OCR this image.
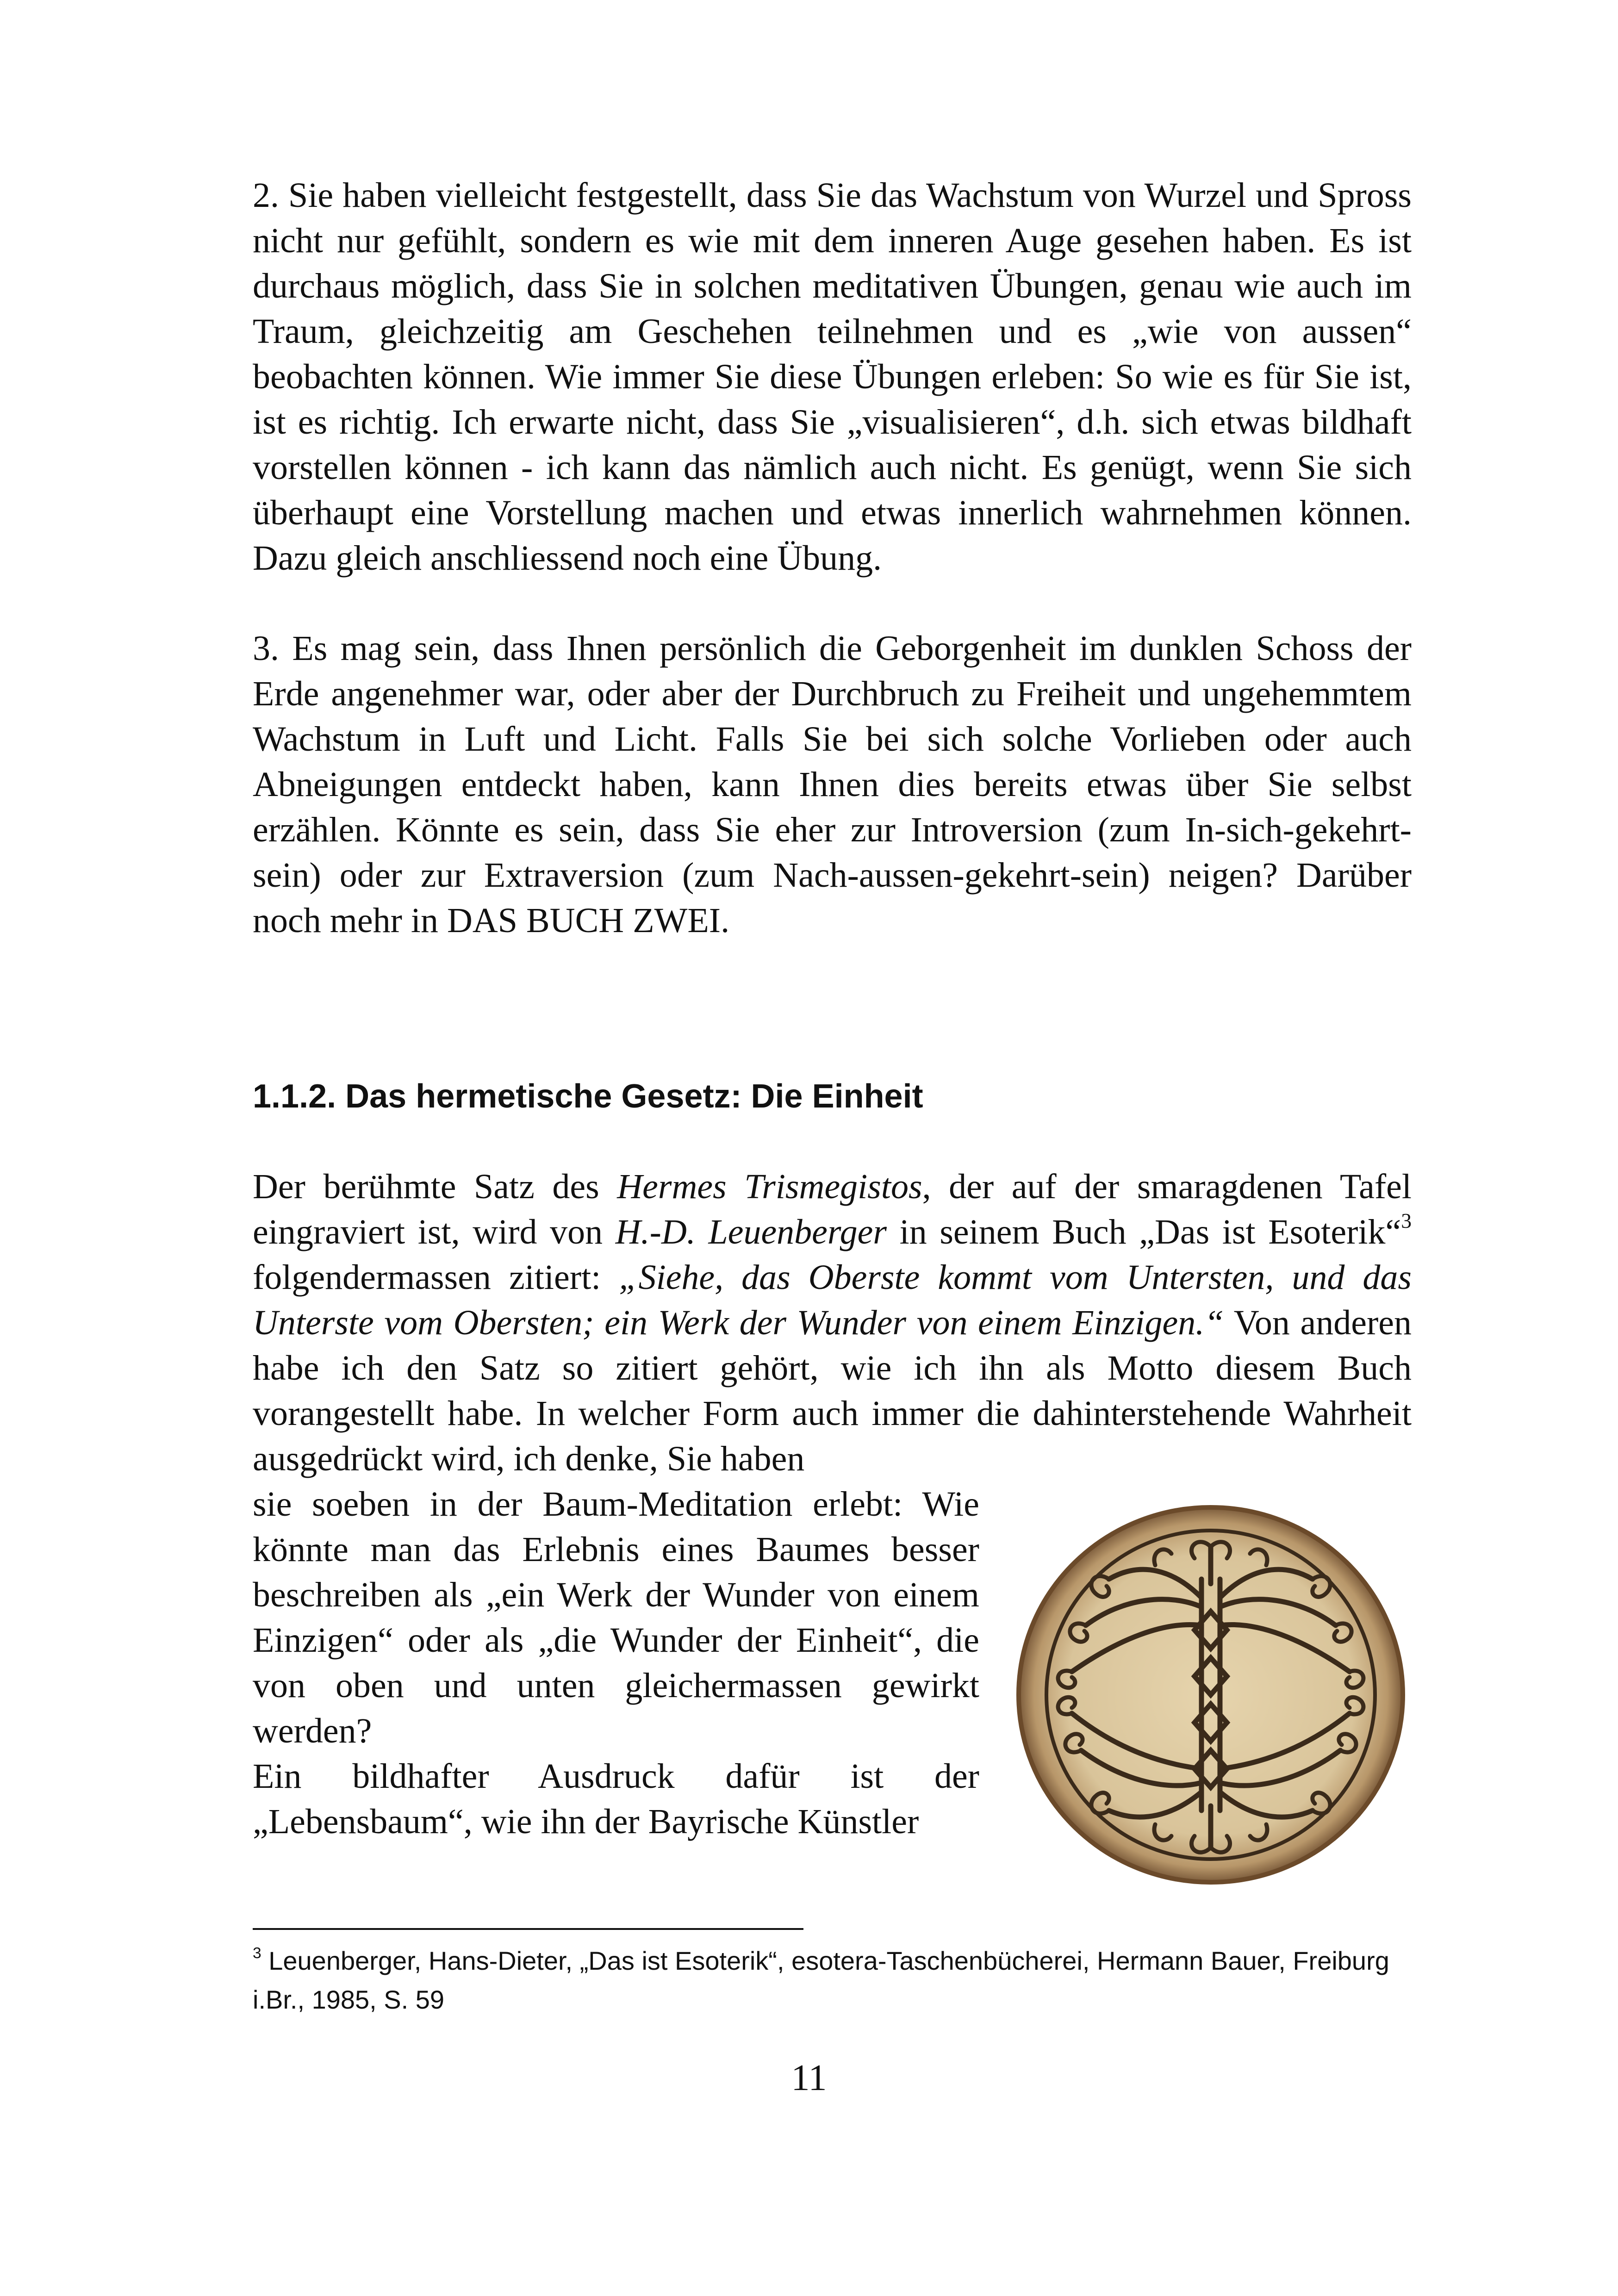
2. Sie haben vielleicht festgestellt, dass Sie das Wachstum von Wurzel und Spross nicht nur gefühlt, sondern es wie mit dem inneren Auge gesehen haben. Es ist durchaus möglich, dass Sie in solchen meditativen Übungen, genau wie auch im Traum, gleichzeitig am Geschehen teilnehmen und es „wie von aussen“ beobachten können. Wie immer Sie diese Übungen erleben: So wie es für Sie ist, ist es richtig. Ich erwarte nicht, dass Sie „visualisieren“, d.h. sich etwas bildhaft vorstellen können - ich kann das nämlich auch nicht. Es genügt, wenn Sie sich überhaupt eine Vorstellung machen und etwas innerlich wahrnehmen können. Dazu gleich anschliessend noch eine Übung.

3. Es mag sein, dass Ihnen persönlich die Geborgenheit im dunklen Schoss der Erde angenehmer war, oder aber der Durchbruch zu Freiheit und ungehemmtem Wachstum in Luft und Licht. Falls Sie bei sich solche Vorlieben oder auch Abneigungen entdeckt haben, kann Ihnen dies bereits etwas über Sie selbst erzählen. Könnte es sein, dass Sie eher zur Introversion (zum In-sich-gekehrt-sein) oder zur Extraversion (zum Nach-aussen-gekehrt-sein) neigen? Darüber noch mehr in DAS BUCH ZWEI.

1.1.2. Das hermetische Gesetz: Die Einheit

Der berühmte Satz des Hermes Trismegistos, der auf der smaragdenen Tafel eingraviert ist, wird von H.-D. Leuenberger in seinem Buch „Das ist Esoterik“$^3$ folgendermassen zitiert: „Siehe, das Oberste kommt vom Untersten, und das Unterste vom Obersten; ein Werk der Wunder von einem Einzigen.“ Von anderen habe ich den Satz so zitiert gehört, wie ich ihn als Motto diesem Buch vorangestellt habe. In welcher Form auch immer die dahinterstehende Wahrheit ausgedrückt wird, ich denke, Sie haben

sie soeben in der Baum-Meditation erlebt: Wie könnte man das Erlebnis eines Baumes besser beschreiben als „ein Werk der Wunder von einem Einzigen“ oder als „die Wunder der Einheit“, die von oben und unten gleichermassen gewirkt werden?
Ein bildhafter Ausdruck dafür ist der „Lebensbaum“, wie ihn der Bayrische Künstler

$^3$ Leuenberger, Hans-Dieter, „Das ist Esoterik“, esotera-Taschenbücherei, Hermann Bauer, Freiburg i.Br., 1985, S. 59

11
